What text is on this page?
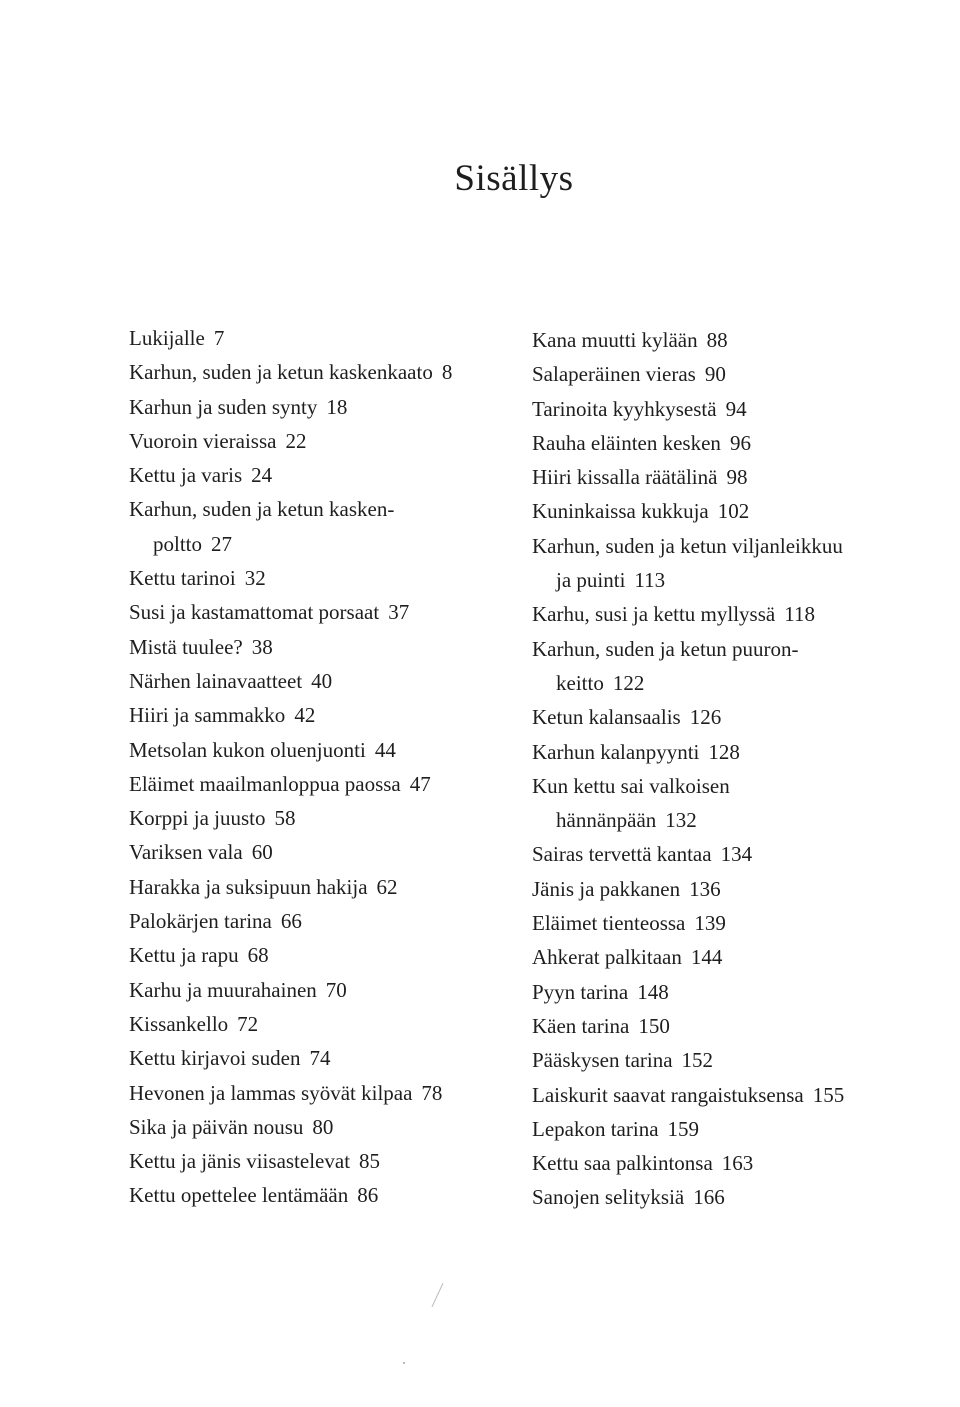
Sisällys
Lukijalle 7
Karhun, suden ja ketun kaskenkaato 8
Karhun ja suden synty 18
Vuoroin vieraissa 22
Kettu ja varis 24
Karhun, suden ja ketun kasken-
poltto 27
Kettu tarinoi 32
Susi ja kastamattomat porsaat 37
Mistä tuulee? 38
Närhen lainavaatteet 40
Hiiri ja sammakko 42
Metsolan kukon oluenjuonti 44
Eläimet maailmanloppua paossa 47
Korppi ja juusto 58
Variksen vala 60
Harakka ja suksipuun hakija 62
Palokärjen tarina 66
Kettu ja rapu 68
Karhu ja muurahainen 70
Kissankello 72
Kettu kirjavoi suden 74
Hevonen ja lammas syövät kilpaa 78
Sika ja päivän nousu 80
Kettu ja jänis viisastelevat 85
Kettu opettelee lentämään 86
Kana muutti kylään 88
Salaperäinen vieras 90
Tarinoita kyyhkysestä 94
Rauha eläinten kesken 96
Hiiri kissalla räätälinä 98
Kuninkaissa kukkuja 102
Karhun, suden ja ketun viljanleikkuu
ja puinti 113
Karhu, susi ja kettu myllyssä 118
Karhun, suden ja ketun puuron-
keitto 122
Ketun kalansaalis 126
Karhun kalanpyynti 128
Kun kettu sai valkoisen
hännänpään 132
Sairas tervettä kantaa 134
Jänis ja pakkanen 136
Eläimet tienteossa 139
Ahkerat palkitaan 144
Pyyn tarina 148
Käen tarina 150
Pääskysen tarina 152
Laiskurit saavat rangaistuksensa 155
Lepakon tarina 159
Kettu saa palkintonsa 163
Sanojen selityksiä 166
